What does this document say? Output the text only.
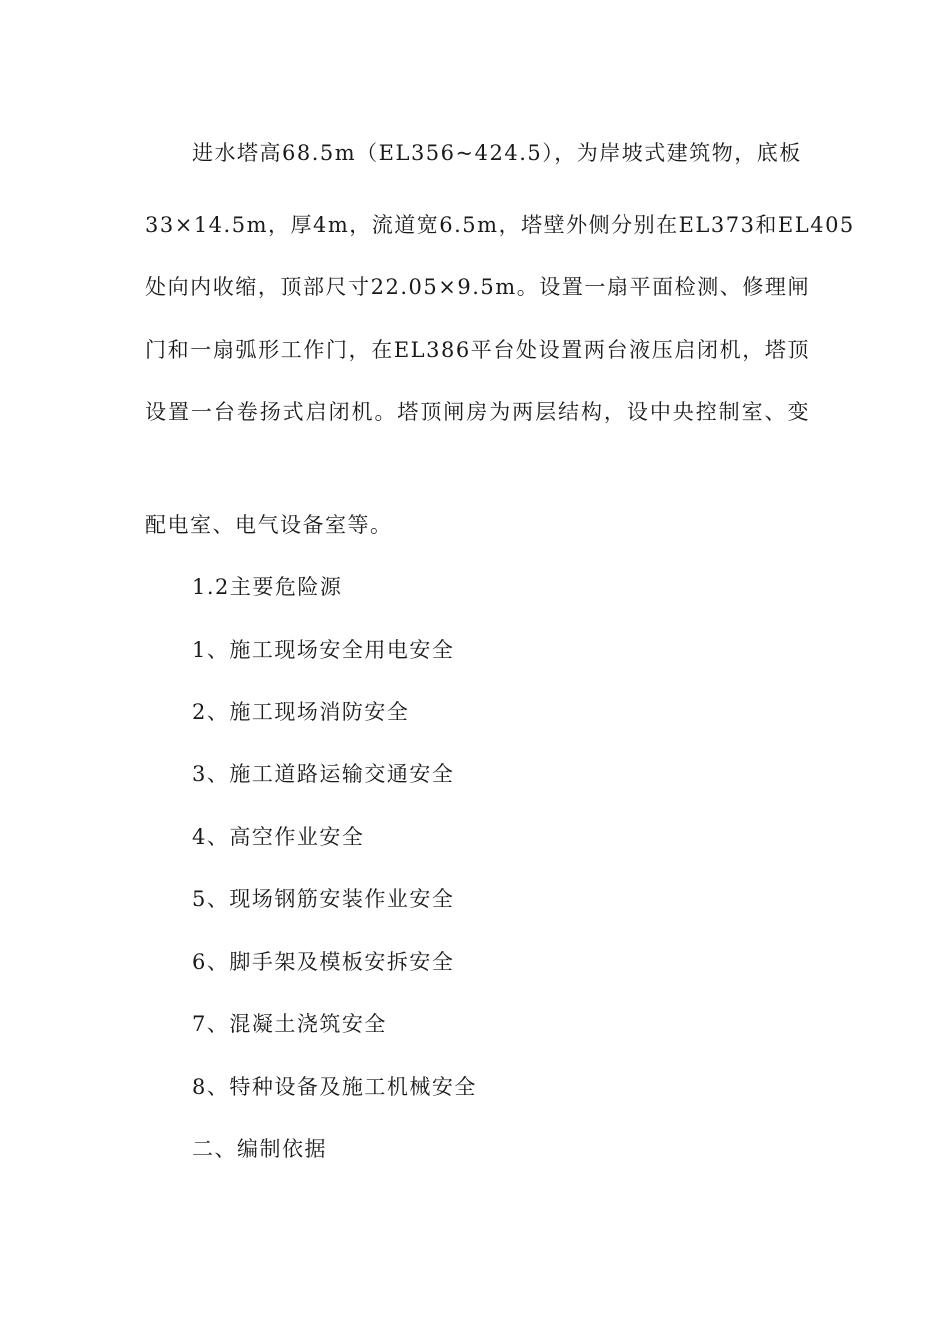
进水塔高68.5m（EL356~424.5），为岸坡式建筑物，底板
33×14.5m，厚4m，流道宽6.5m，塔壁外侧分别在EL373和EL405
处向内收缩，顶部尺寸22.05×9.5m。设置一扇平面检测、修理闸
门和一扇弧形工作门，在EL386平台处设置两台液压启闭机，塔顶
设置一台卷扬式启闭机。塔顶闸房为两层结构，设中央控制室、变
配电室、电气设备室等。
1.2主要危险源
1、施工现场安全用电安全
2、施工现场消防安全
3、施工道路运输交通安全
4、高空作业安全
5、现场钢筋安装作业安全
6、脚手架及模板安拆安全
7、混凝土浇筑安全
8、特种设备及施工机械安全
二、编制依据
